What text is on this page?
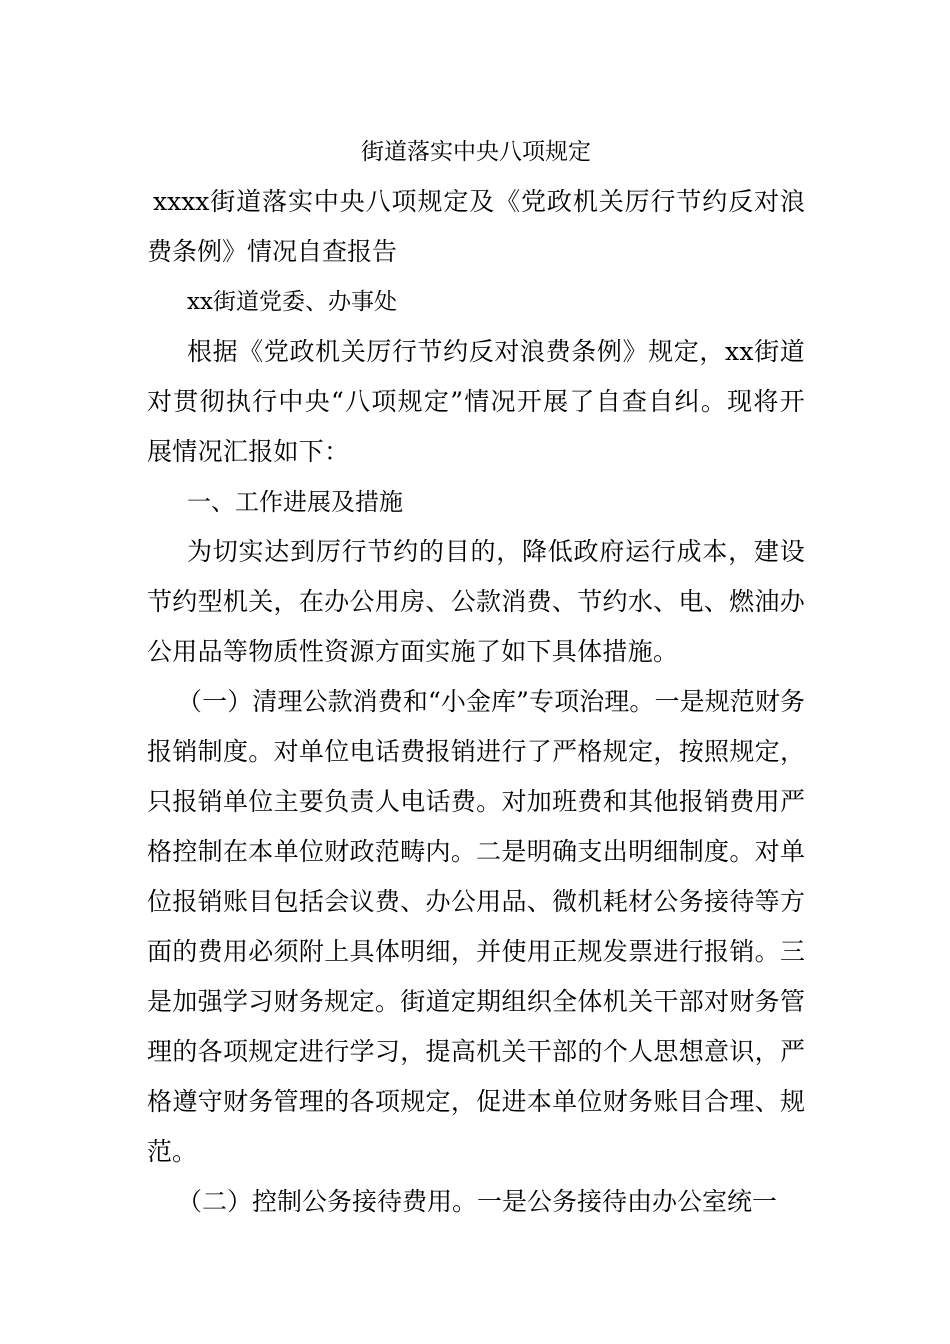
街道落实中央八项规定

xxxx街道落实中央八项规定及《党政机关厉行节约反对浪费条例》情况自查报告

xx街道党委、办事处

根据《党政机关厉行节约反对浪费条例》规定，xx街道对贯彻执行中央“八项规定”情况开展了自查自纠。现将开展情况汇报如下：

一、工作进展及措施

为切实达到厉行节约的目的，降低政府运行成本，建设节约型机关，在办公用房、公款消费、节约水、电、燃油办公用品等物质性资源方面实施了如下具体措施。

（一）清理公款消费和“小金库”专项治理。一是规范财务报销制度。对单位电话费报销进行了严格规定，按照规定，只报销单位主要负责人电话费。对加班费和其他报销费用严格控制在本单位财政范畴内。二是明确支出明细制度。对单位报销账目包括会议费、办公用品、微机耗材公务接待等方面的费用必须附上具体明细，并使用正规发票进行报销。三是加强学习财务规定。街道定期组织全体机关干部对财务管理的各项规定进行学习，提高机关干部的个人思想意识，严格遵守财务管理的各项规定，促进本单位财务账目合理、规范。

（二）控制公务接待费用。一是公务接待由办公室统一
